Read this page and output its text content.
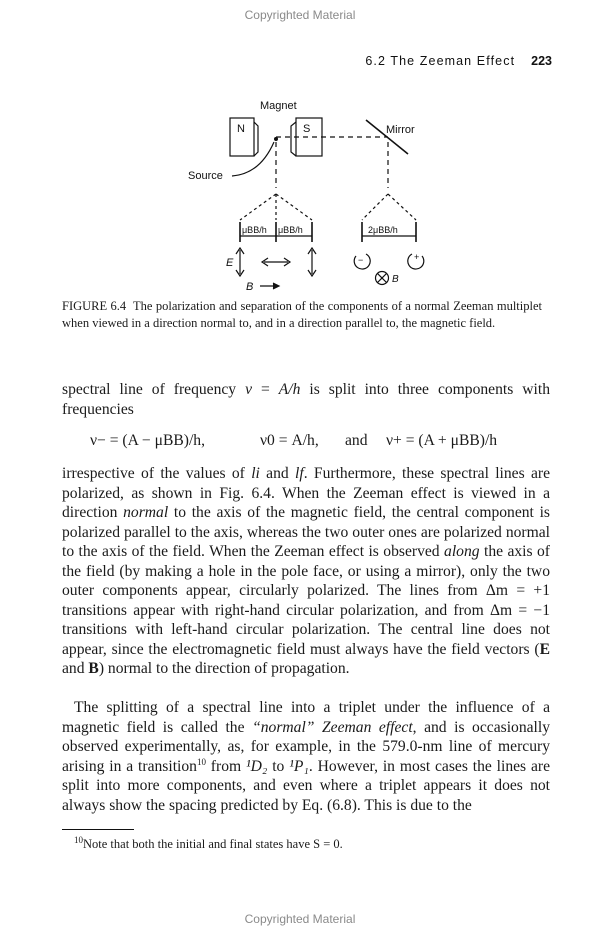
Copyrighted Material
6.2 The Zeeman Effect 223
Magnet
N	S	Mirror
Source
μBB/h μBB/h	2μBB/h
E
B
B
−	+
FIGURE 6.4 The polarization and separation of the components of a normal Zeeman multiplet when viewed in a direction normal to, and in a direction parallel to, the magnetic field.

spectral line of frequency ν = A/h is split into three components with frequencies

ν− = (A − μBB)/h,	ν0 = A/h, and ν+ = (A + μBB)/h

irrespective of the values of li and lf. Furthermore, these spectral lines are polarized, as shown in Fig. 6.4. When the Zeeman effect is viewed in a direction normal to the axis of the magnetic field, the central component is polarized parallel to the axis, whereas the two outer ones are polarized normal to the axis of the field. When the Zeeman effect is observed along the axis of the field (by making a hole in the pole face, or using a mirror), only the two outer components appear, circularly polarized. The lines from Δm = +1 transitions appear with right-hand circular polarization, and from Δm = −1 transitions with left-hand circular polarization. The central line does not appear, since the electromagnetic field must always have the field vectors (E and B) normal to the direction of propagation.

The splitting of a spectral line into a triplet under the influence of a magnetic field is called the “normal” Zeeman effect, and is occasionally observed experimentally, as, for example, in the 579.0-nm line of mercury arising in a transition$^{10}$ from ¹D₂ to ¹P₁. However, in most cases the lines are split into more components, and even where a triplet appears it does not always show the spacing predicted by Eq. (6.8). This is due to the

$^{10}$Note that both the initial and final states have S = 0.
Copyrighted Material
